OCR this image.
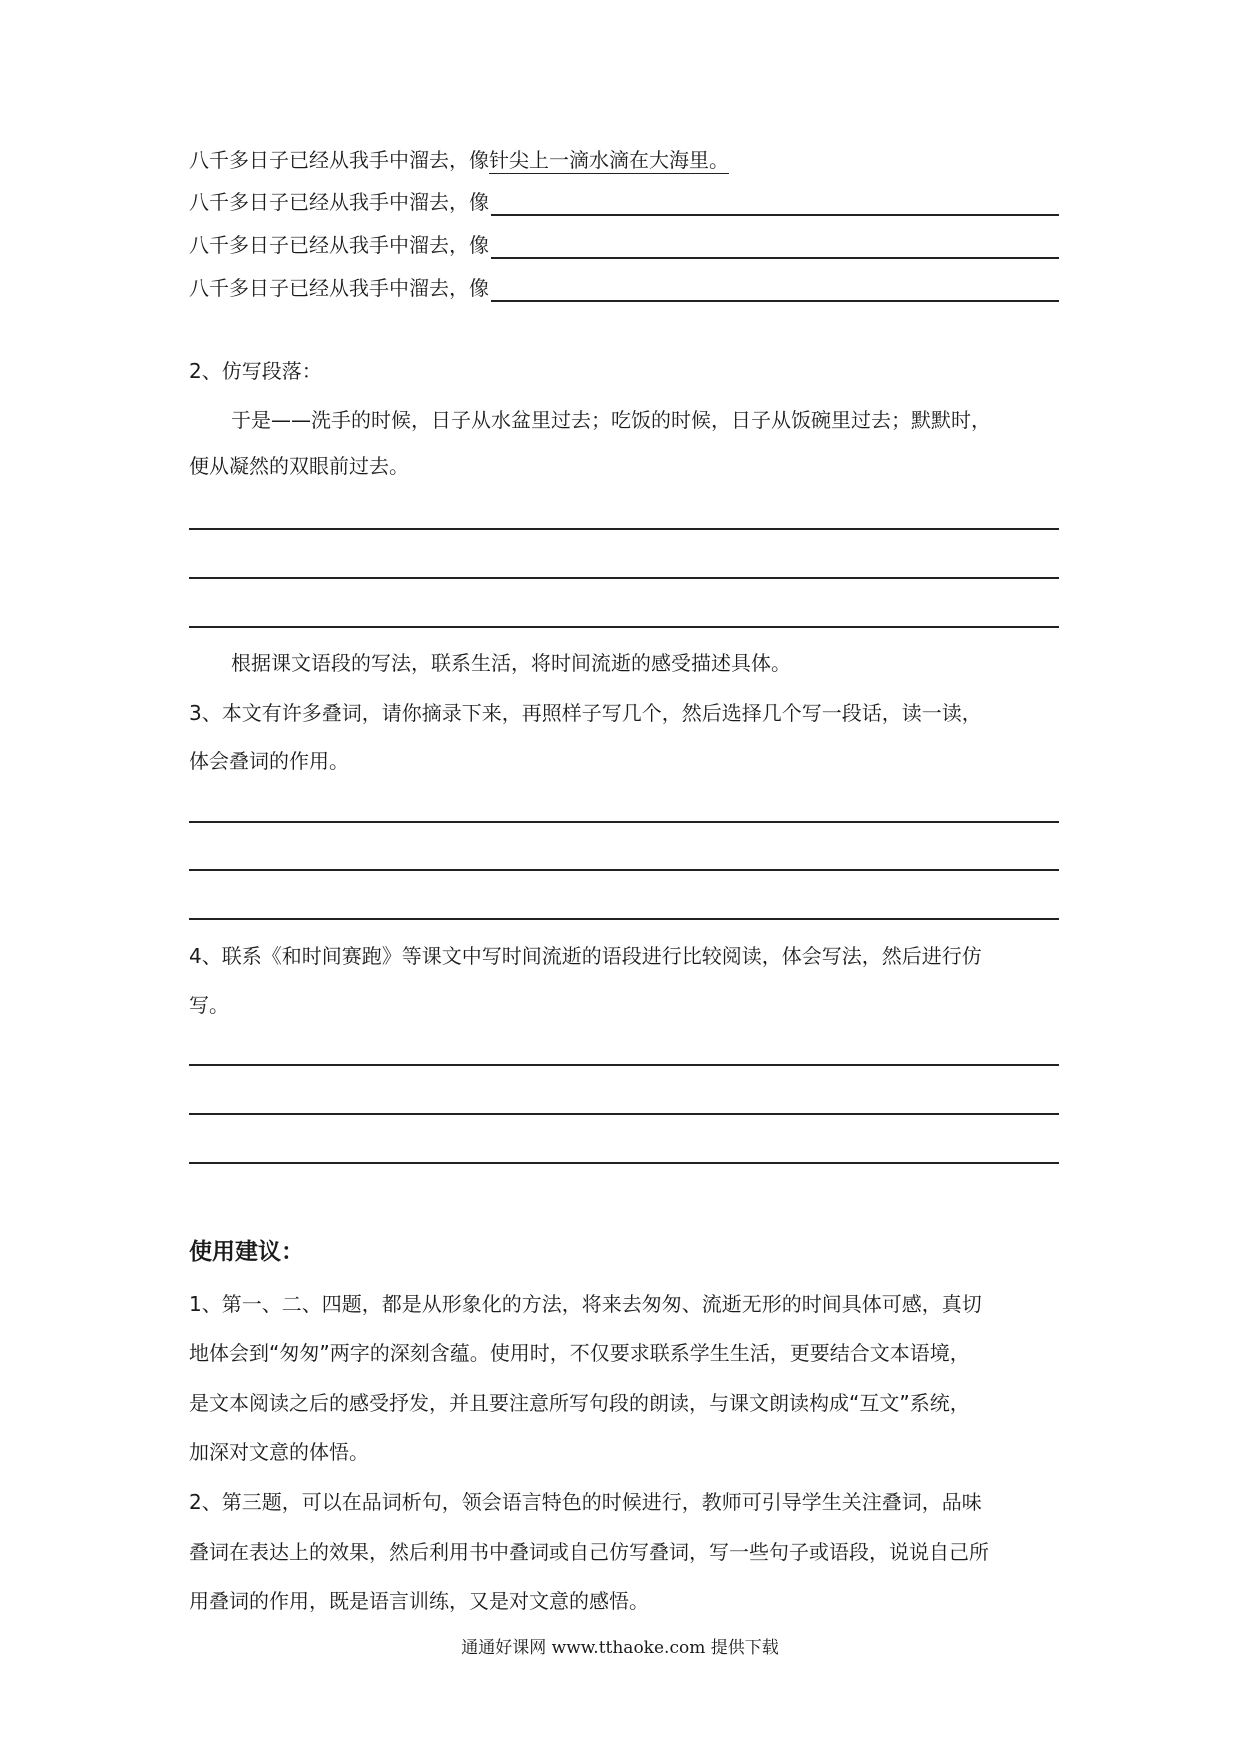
八千多日子已经从我手中溜去，像针尖上一滴水滴在大海里。
八千多日子已经从我手中溜去，像
八千多日子已经从我手中溜去，像
八千多日子已经从我手中溜去，像
2、仿写段落：
于是——洗手的时候，日子从水盆里过去；吃饭的时候，日子从饭碗里过去；默默时，
便从凝然的双眼前过去。
根据课文语段的写法，联系生活，将时间流逝的感受描述具体。
3、本文有许多叠词，请你摘录下来，再照样子写几个，然后选择几个写一段话，读一读，
体会叠词的作用。
4、联系《和时间赛跑》等课文中写时间流逝的语段进行比较阅读，体会写法，然后进行仿
写。
使用建议：
1、第一、二、四题，都是从形象化的方法，将来去匆匆、流逝无形的时间具体可感，真切
地体会到“匆匆”两字的深刻含蕴。使用时，不仅要求联系学生生活，更要结合文本语境，
是文本阅读之后的感受抒发，并且要注意所写句段的朗读，与课文朗读构成“互文”系统，
加深对文意的体悟。
2、第三题，可以在品词析句，领会语言特色的时候进行，教师可引导学生关注叠词，品味
叠词在表达上的效果，然后利用书中叠词或自己仿写叠词，写一些句子或语段，说说自己所
用叠词的作用，既是语言训练，又是对文意的感悟。
通通好课网 www.tthaoke.com 提供下载
